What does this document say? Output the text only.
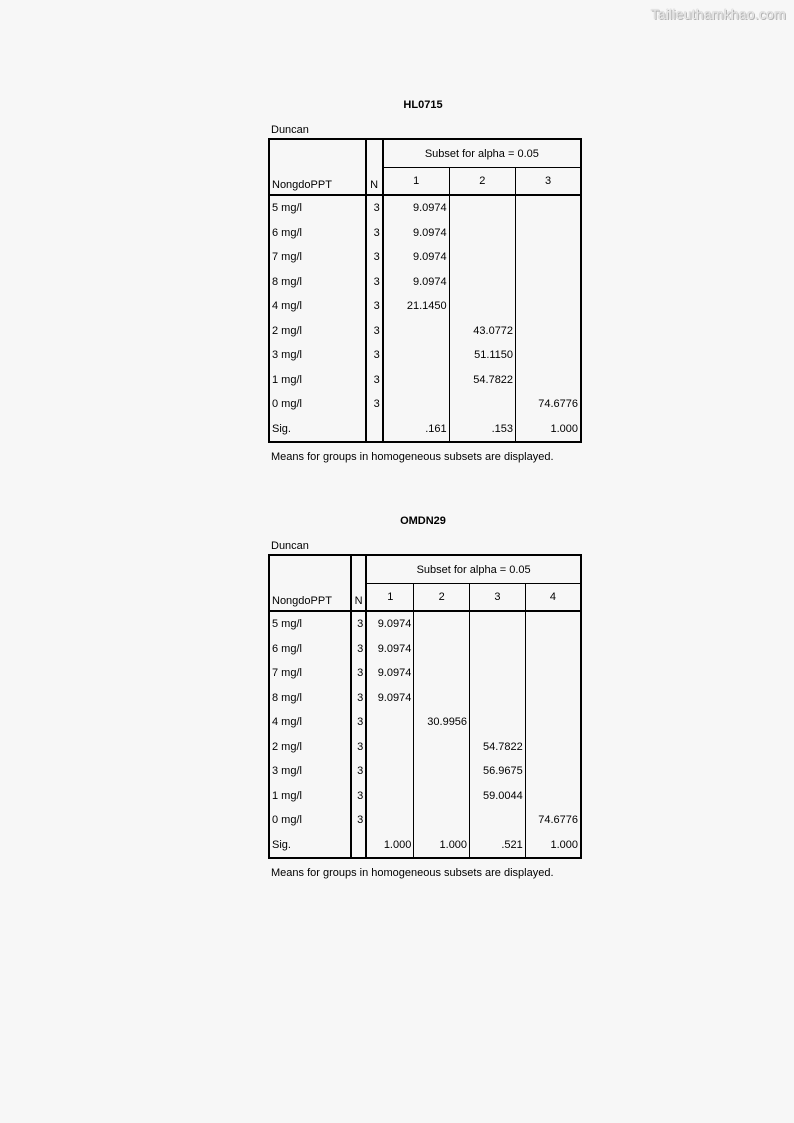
Tailieuthamkhao.com
HL0715
Duncan
NongdoPPT	N	Subset for alpha = 0.05		
		1	2	3
5 mg/l	3	9.0974		
6 mg/l	3	9.0974		
7 mg/l	3	9.0974		
8 mg/l	3	9.0974		
4 mg/l	3	21.1450		
2 mg/l	3		43.0772	
3 mg/l	3		51.1150	
1 mg/l	3		54.7822	
0 mg/l	3			74.6776
Sig.		.161	.153	1.000
Means for groups in homogeneous subsets are displayed.
OMDN29
Duncan
NongdoPPT	N	Subset for alpha = 0.05			
		1	2	3	4
5 mg/l	3	9.0974			
6 mg/l	3	9.0974			
7 mg/l	3	9.0974			
8 mg/l	3	9.0974			
4 mg/l	3		30.9956		
2 mg/l	3			54.7822	
3 mg/l	3			56.9675	
1 mg/l	3			59.0044	
0 mg/l	3				74.6776
Sig.		1.000	1.000	.521	1.000
Means for groups in homogeneous subsets are displayed.
